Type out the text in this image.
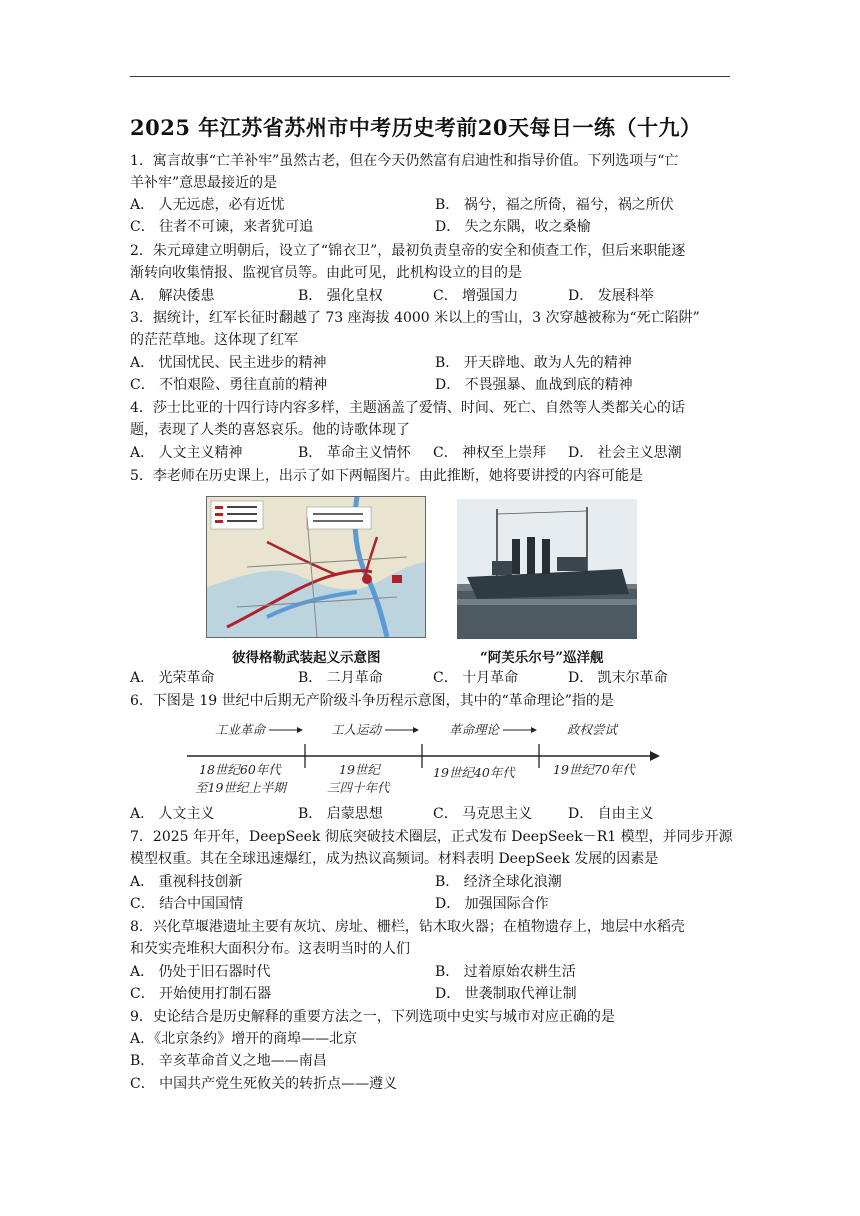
2025 年江苏省苏州市中考历史考前20天每日一练（十九）
1．寓言故事“亡羊补牢”虽然古老，但在今天仍然富有启迪性和指导价值。下列选项与“亡
羊补牢”意思最接近的是
A． 人无远虑，必有近忧	B． 祸兮，福之所倚，福兮，祸之所伏
C． 往者不可谏，来者犹可追	D． 失之东隅，收之桑榆
2．朱元璋建立明朝后，设立了“锦衣卫”，最初负责皇帝的安全和侦查工作，但后来职能逐
渐转向收集情报、监视官员等。由此可见，此机构设立的目的是
A． 解决倭患	B． 强化皇权	C． 增强国力	D． 发展科举
3．据统计，红军长征时翻越了 73 座海拔 4000 米以上的雪山，3 次穿越被称为“死亡陷阱”
的茫茫草地。这体现了红军
A． 忧国忧民、民主进步的精神	B． 开天辟地、敢为人先的精神
C． 不怕艰险、勇往直前的精神	D． 不畏强暴、血战到底的精神
4．莎士比亚的十四行诗内容多样，主题涵盖了爱情、时间、死亡、自然等人类都关心的话
题，表现了人类的喜怒哀乐。他的诗歌体现了
A． 人文主义精神	B． 革命主义情怀 C． 神权至上崇拜 D． 社会主义思潮
5．李老师在历史课上，出示了如下两幅图片。由此推断，她将要讲授的内容可能是
彼得格勒武装起义示意图	“阿芙乐尔号”巡洋舰
A． 光荣革命	B． 二月革命	C． 十月革命	D． 凯末尔革命
6．下图是 19 世纪中后期无产阶级斗争历程示意图，其中的“革命理论”指的是
工业革命	工人运动	革命理论	政权尝试
18世纪60年代
至19世纪上半期
19世纪
三四十年代
19世纪40年代	19世纪70年代
A． 人文主义	B． 启蒙思想	C． 马克思主义	D． 自由主义
7．2025 年开年，DeepSeek 彻底突破技术圈层，正式发布 DeepSeek－R1 模型，并同步开源
模型权重。其在全球迅速爆红，成为热议高频词。材料表明 DeepSeek 发展的因素是
A． 重视科技创新	B． 经济全球化浪潮
C． 结合中国国情	D． 加强国际合作
8．兴化草堰港遗址主要有灰坑、房址、栅栏，钻木取火器；在植物遗存上，地层中水稻壳
和芡实壳堆积大面积分布。这表明当时的人们
A． 仍处于旧石器时代	B． 过着原始农耕生活
C． 开始使用打制石器	D． 世袭制取代禅让制
9．史论结合是历史解释的重要方法之一，下列选项中史实与城市对应正确的是
A．《北京条约》增开的商埠——北京
B． 辛亥革命首义之地——南昌
C． 中国共产党生死攸关的转折点——遵义
